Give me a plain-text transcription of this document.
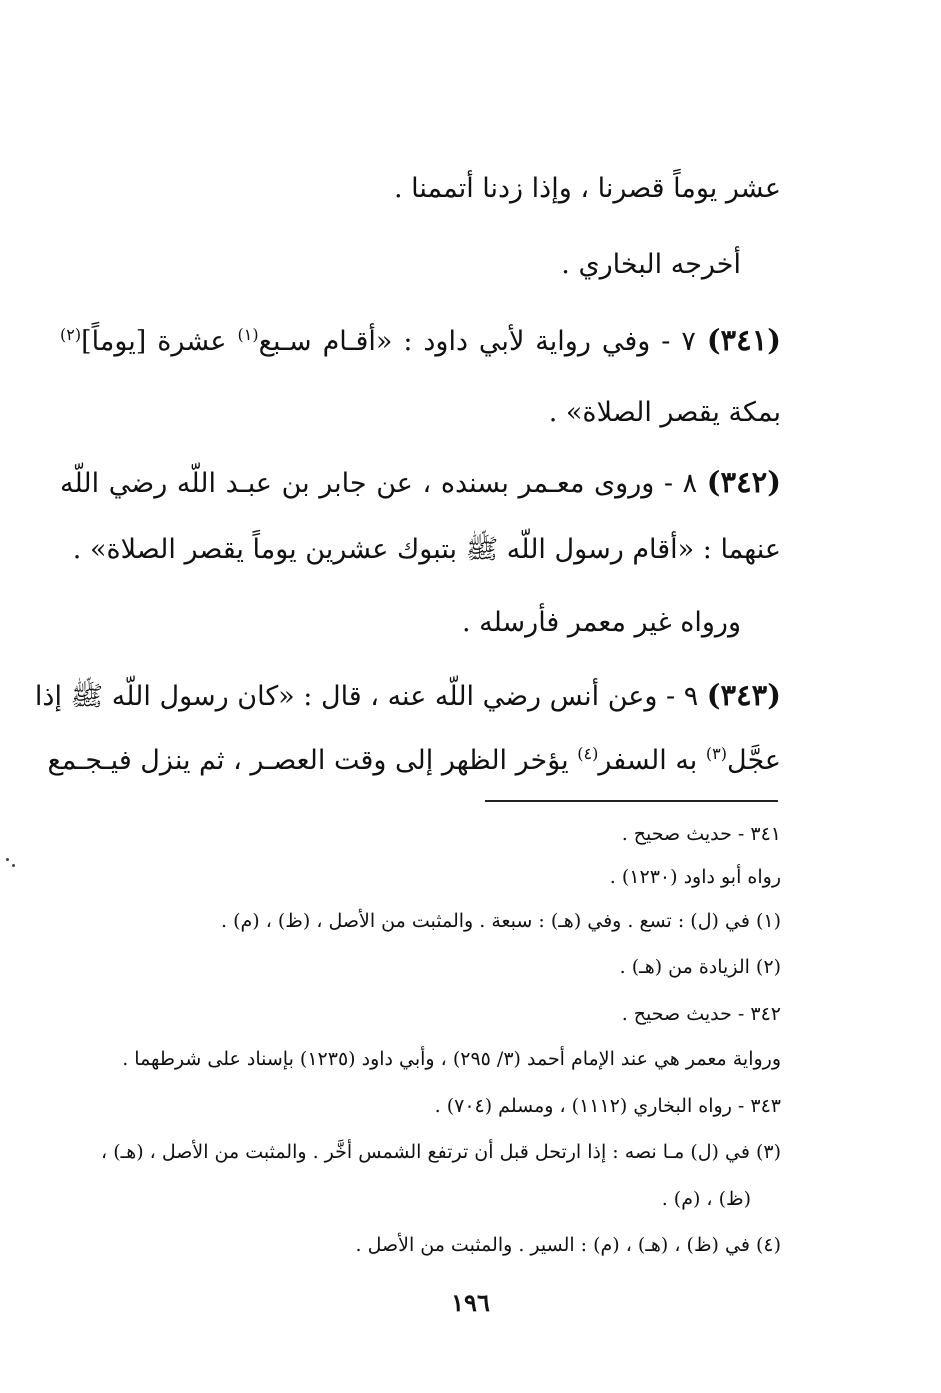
عشر يوماً قصرنا ، وإذا زدنا أتممنا .
أخرجه البخاري .
(٣٤١) ٧ - وفي رواية لأبي داود : «أقـام سـبع$^{(١)}$ عشرة [يوماً]$^{(٢)}$
بمكة يقصر الصلاة» .
(٣٤٢) ٨ - وروى معـمر بسنده ، عن جابر بن عبـد اللّه رضي اللّه
عنهما : «أقام رسول اللّه ﷺ بتبوك عشرين يوماً يقصر الصلاة» .
ورواه غير معمر فأرسله .
(٣٤٣) ٩ - وعن أنس رضي اللّه عنه ، قال : «كان رسول اللّه ﷺ إذا
عجَّل$^{(٣)}$ به السفر$^{(٤)}$ يؤخر الظهر إلى وقت العصـر ، ثم ينزل فيـجـمع
٣٤١ - حديث صحيح .
رواه أبو داود (١٢٣٠) .
(١) في (ل) : تسع . وفي (هـ) : سبعة . والمثبت من الأصل ، (ظ) ، (م) .
(٢) الزيادة من (هـ) .
٣٤٢ - حديث صحيح .
ورواية معمر هي عند الإمام أحمد (٣/ ٢٩٥) ، وأبي داود (١٢٣٥) بإسناد على شرطهما .
٣٤٣ - رواه البخاري (١١١٢) ، ومسلم (٧٠٤) .
(٣) في (ل) مـا نصه : إذا ارتحل قبل أن ترتفع الشمس أخَّر . والمثبت من الأصل ، (هـ) ،
(ظ) ، (م) .
(٤) في (ظ) ، (هـ) ، (م) : السير . والمثبت من الأصل .
١٩٦
